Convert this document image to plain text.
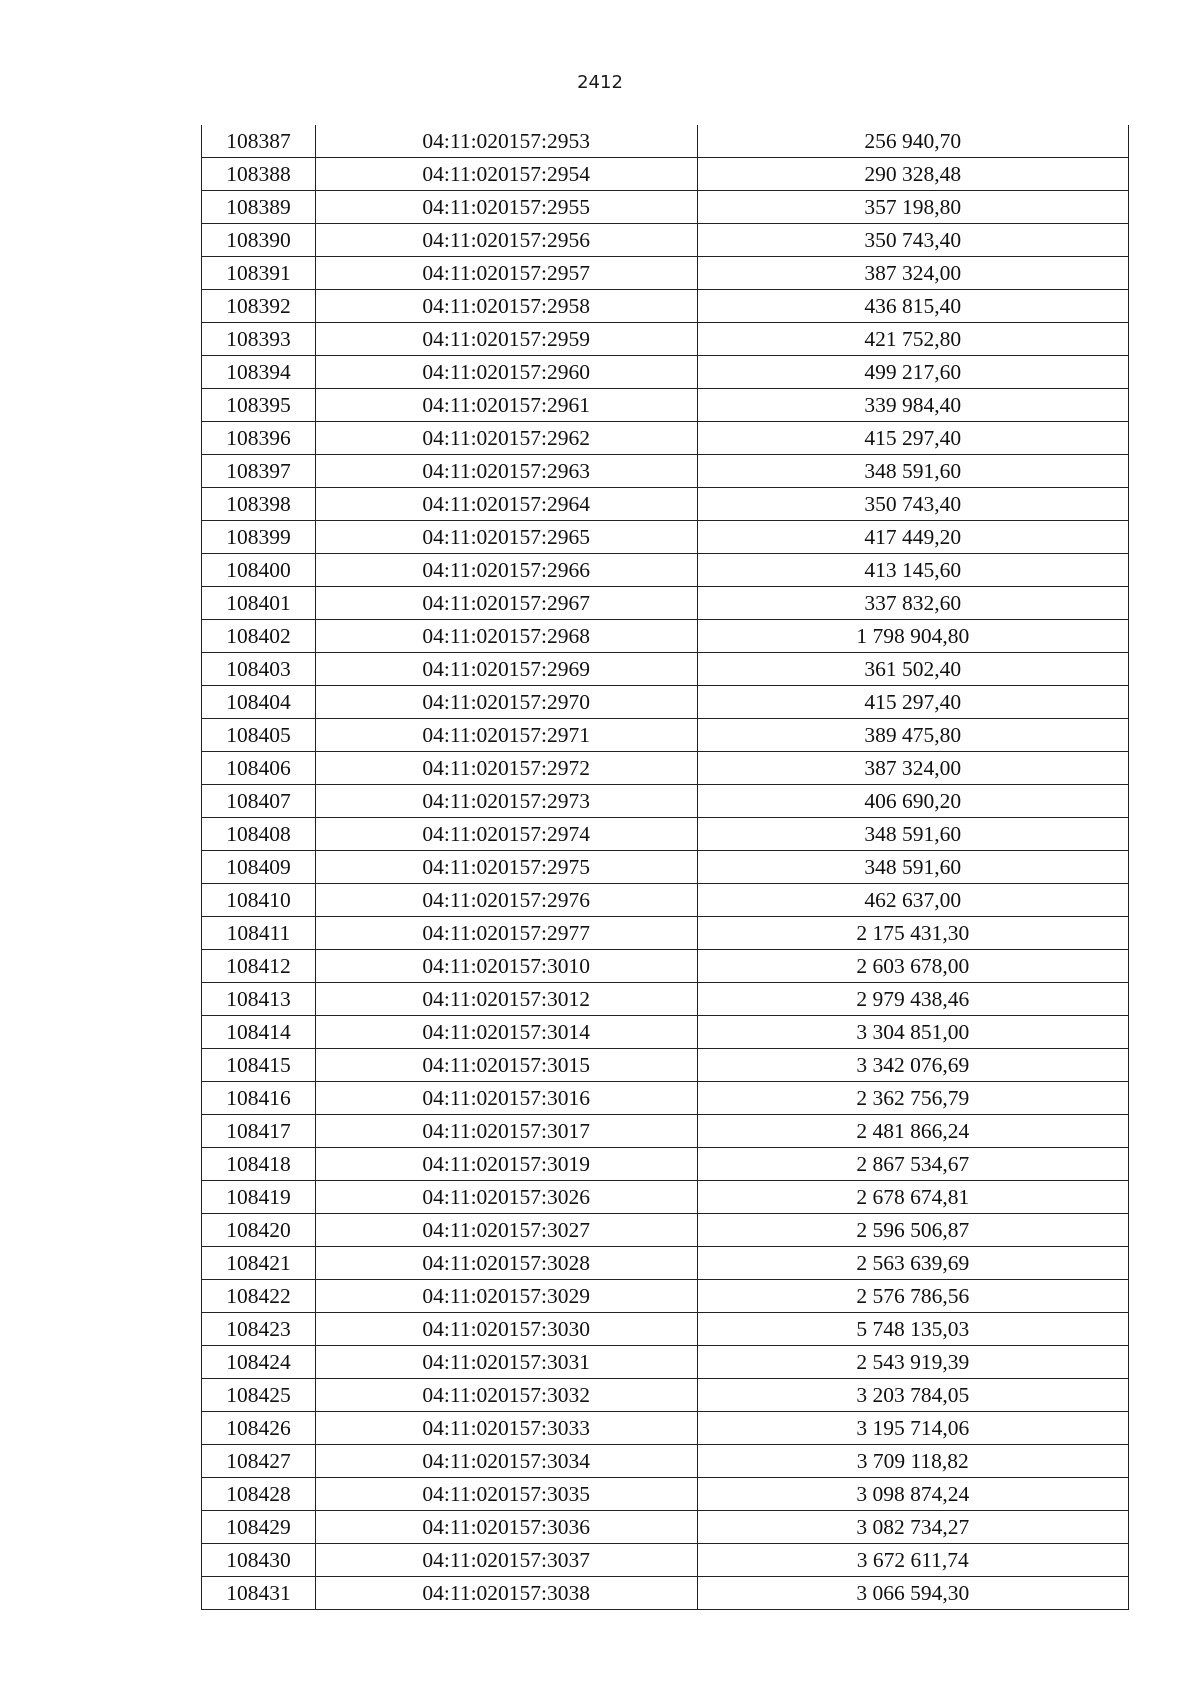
2412
108387	04:11:020157:2953	256 940,70
108388	04:11:020157:2954	290 328,48
108389	04:11:020157:2955	357 198,80
108390	04:11:020157:2956	350 743,40
108391	04:11:020157:2957	387 324,00
108392	04:11:020157:2958	436 815,40
108393	04:11:020157:2959	421 752,80
108394	04:11:020157:2960	499 217,60
108395	04:11:020157:2961	339 984,40
108396	04:11:020157:2962	415 297,40
108397	04:11:020157:2963	348 591,60
108398	04:11:020157:2964	350 743,40
108399	04:11:020157:2965	417 449,20
108400	04:11:020157:2966	413 145,60
108401	04:11:020157:2967	337 832,60
108402	04:11:020157:2968	1 798 904,80
108403	04:11:020157:2969	361 502,40
108404	04:11:020157:2970	415 297,40
108405	04:11:020157:2971	389 475,80
108406	04:11:020157:2972	387 324,00
108407	04:11:020157:2973	406 690,20
108408	04:11:020157:2974	348 591,60
108409	04:11:020157:2975	348 591,60
108410	04:11:020157:2976	462 637,00
108411	04:11:020157:2977	2 175 431,30
108412	04:11:020157:3010	2 603 678,00
108413	04:11:020157:3012	2 979 438,46
108414	04:11:020157:3014	3 304 851,00
108415	04:11:020157:3015	3 342 076,69
108416	04:11:020157:3016	2 362 756,79
108417	04:11:020157:3017	2 481 866,24
108418	04:11:020157:3019	2 867 534,67
108419	04:11:020157:3026	2 678 674,81
108420	04:11:020157:3027	2 596 506,87
108421	04:11:020157:3028	2 563 639,69
108422	04:11:020157:3029	2 576 786,56
108423	04:11:020157:3030	5 748 135,03
108424	04:11:020157:3031	2 543 919,39
108425	04:11:020157:3032	3 203 784,05
108426	04:11:020157:3033	3 195 714,06
108427	04:11:020157:3034	3 709 118,82
108428	04:11:020157:3035	3 098 874,24
108429	04:11:020157:3036	3 082 734,27
108430	04:11:020157:3037	3 672 611,74
108431	04:11:020157:3038	3 066 594,30
